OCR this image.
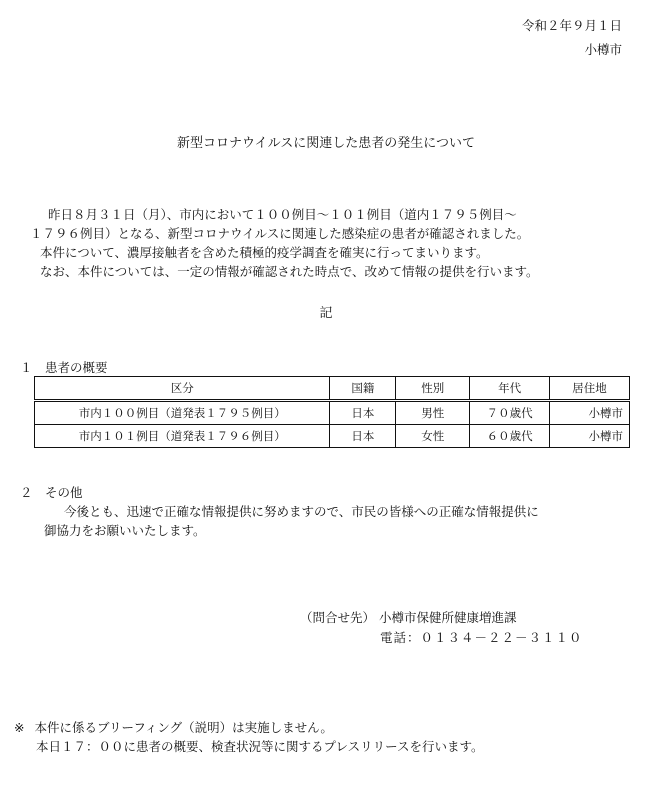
令和２年９月１日
小樽市
新型コロナウイルスに関連した患者の発生について

昨日８月３１日（月）、市内において１００例目～１０１例目（道内１７９５例目～

１７９６例目）となる、新型コロナウイルスに関連した感染症の患者が確認されました。

本件について、濃厚接触者を含めた積極的疫学調査を確実に行ってまいります。

なお、本件については、一定の情報が確認された時点で、改めて情報の提供を行います。

記
１　患者の概要
区分	国籍	性別	年代	居住地
市内１００例目（道発表１７９５例目）	日本	男性	７０歳代	小樽市
市内１０１例目（道発表１７９６例目）	日本	女性	６０歳代	小樽市
２　その他
今後とも、迅速で正確な情報提供に努めますので、市民の皆様への正確な情報提供に
御協力をお願いいたします。
（問合せ先） 小樽市保健所健康増進課
電話：０１３４－２２－３１１０
※ 本件に係るブリーフィング（説明）は実施しません。
本日１７：００に患者の概要、検査状況等に関するプレスリリースを行います。
